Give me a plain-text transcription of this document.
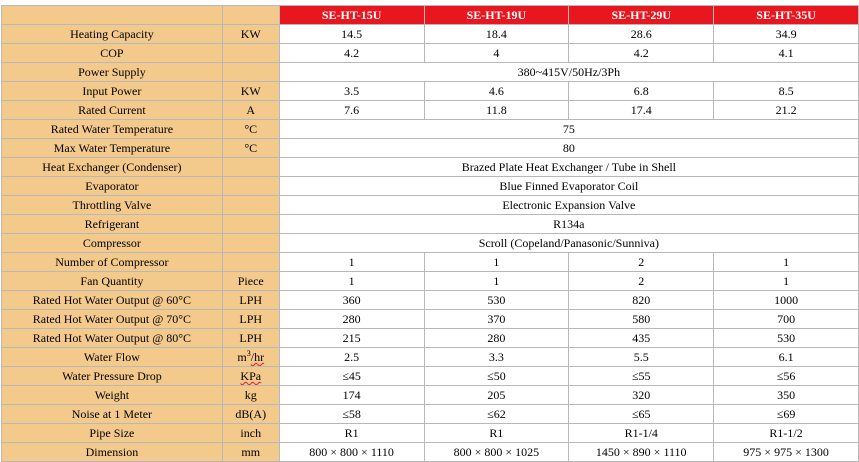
		SE-HT-15U	SE-HT-19U	SE-HT-29U	SE-HT-35U
Heating Capacity	KW	14.5	18.4	28.6	34.9
COP		4.2	4	4.2	4.1
Power Supply		380~415V/50Hz/3Ph			
Input Power	KW	3.5	4.6	6.8	8.5
Rated Current	A	7.6	11.8	17.4	21.2
Rated Water Temperature	°C	75			
Max Water Temperature	°C	80			
Heat Exchanger (Condenser)		Brazed Plate Heat Exchanger / Tube in Shell			
Evaporator		Blue Finned Evaporator Coil			
Throttling Valve		Electronic Expansion Valve			
Refrigerant		R134a			
Compressor		Scroll (Copeland/Panasonic/Sunniva)			
Number of Compressor		1	1	2	1
Fan Quantity	Piece	1	1	2	1
Rated Hot Water Output @ 60°C	LPH	360	530	820	1000
Rated Hot Water Output @ 70°C	LPH	280	370	580	700
Rated Hot Water Output @ 80°C	LPH	215	280	435	530
Water Flow	$m^3/hr$	2.5	3.3	5.5	6.1
Water Pressure Drop	KPa	≤45	≤50	≤55	≤56
Weight	kg	174	205	320	350
Noise at 1 Meter	dB(A)	≤58	≤62	≤65	≤69
Pipe Size	inch	R1	R1	R1-1/4	R1-1/2
Dimension	mm	800 × 800 × 1110	800 × 800 × 1025	1450 × 890 × 1110	975 × 975 × 1300
